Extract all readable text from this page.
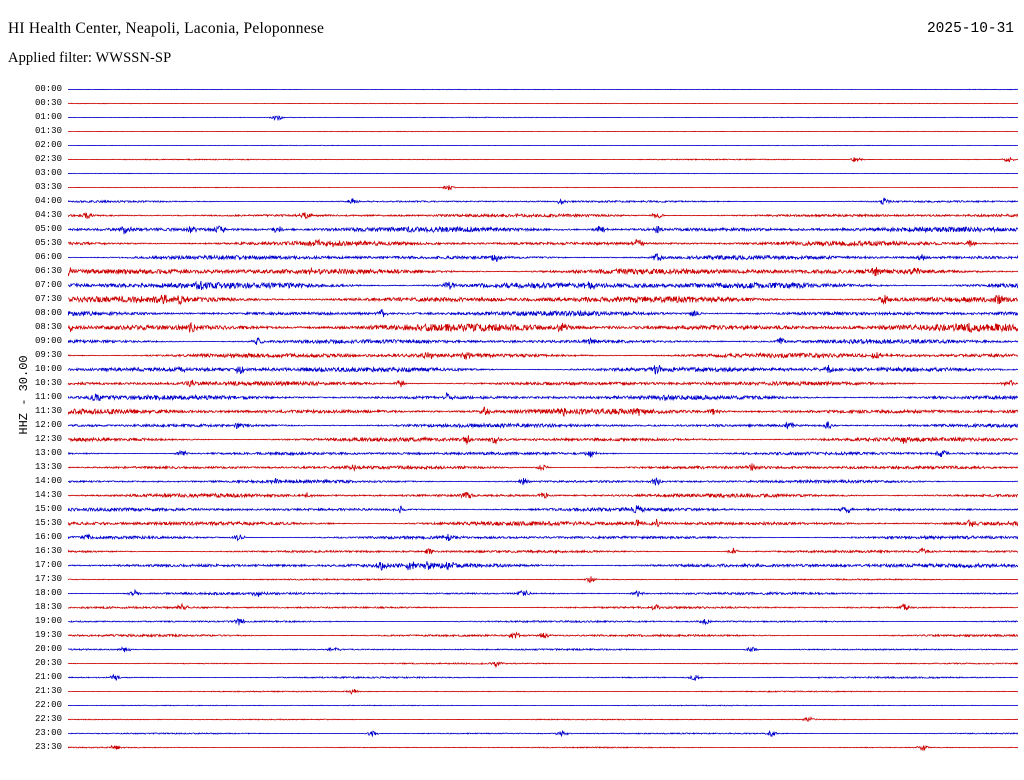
HI Health Center, Neapoli, Laconia, Peloponnese	2025-10-31
Applied filter: WWSSN-SP
HHZ - 30.00
00:00
00:30
01:00
01:30
02:00
02:30
03:00
03:30
04:00
04:30
05:00
05:30
06:00
06:30
07:00
07:30
08:00
08:30
09:00
09:30
10:00
10:30
11:00
11:30
12:00
12:30
13:00
13:30
14:00
14:30
15:00
15:30
16:00
16:30
17:00
17:30
18:00
18:30
19:00
19:30
20:00
20:30
21:00
21:30
22:00
22:30
23:00
23:30
